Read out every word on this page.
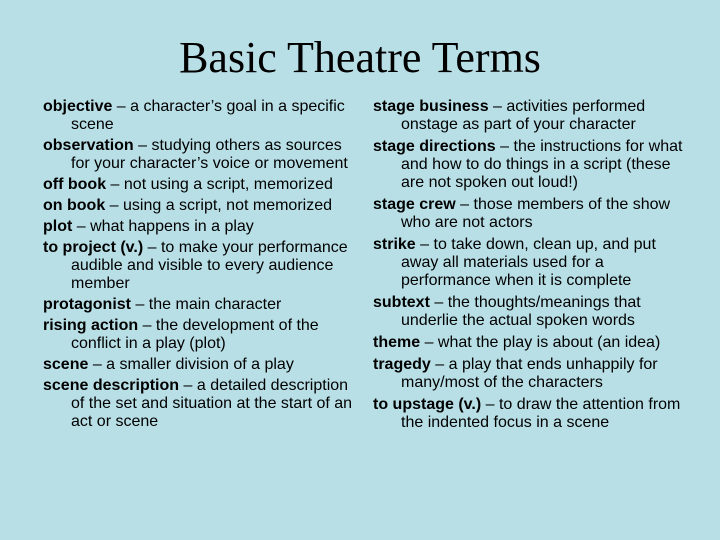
Basic Theatre Terms
objective – a character’s goal in a specific scene
observation – studying others as sources for your character’s voice or movement
off book – not using a script, memorized
on book – using a script, not memorized
plot – what happens in a play
to project (v.) – to make your performance audible and visible to every audience member
protagonist – the main character
rising action – the development of the conflict in a play (plot)
scene – a smaller division of a play
scene description – a detailed description of the set and situation at the start of an act or scene
stage business – activities performed onstage as part of your character
stage directions – the instructions for what and how to do things in a script (these are not spoken out loud!)
stage crew – those members of the show who are not actors
strike – to take down, clean up, and put away all materials used for a performance when it is complete
subtext – the thoughts/meanings that underlie the actual spoken words
theme – what the play is about (an idea)
tragedy – a play that ends unhappily for many/most of the characters
to upstage (v.) – to draw the attention from the indented focus in a scene
